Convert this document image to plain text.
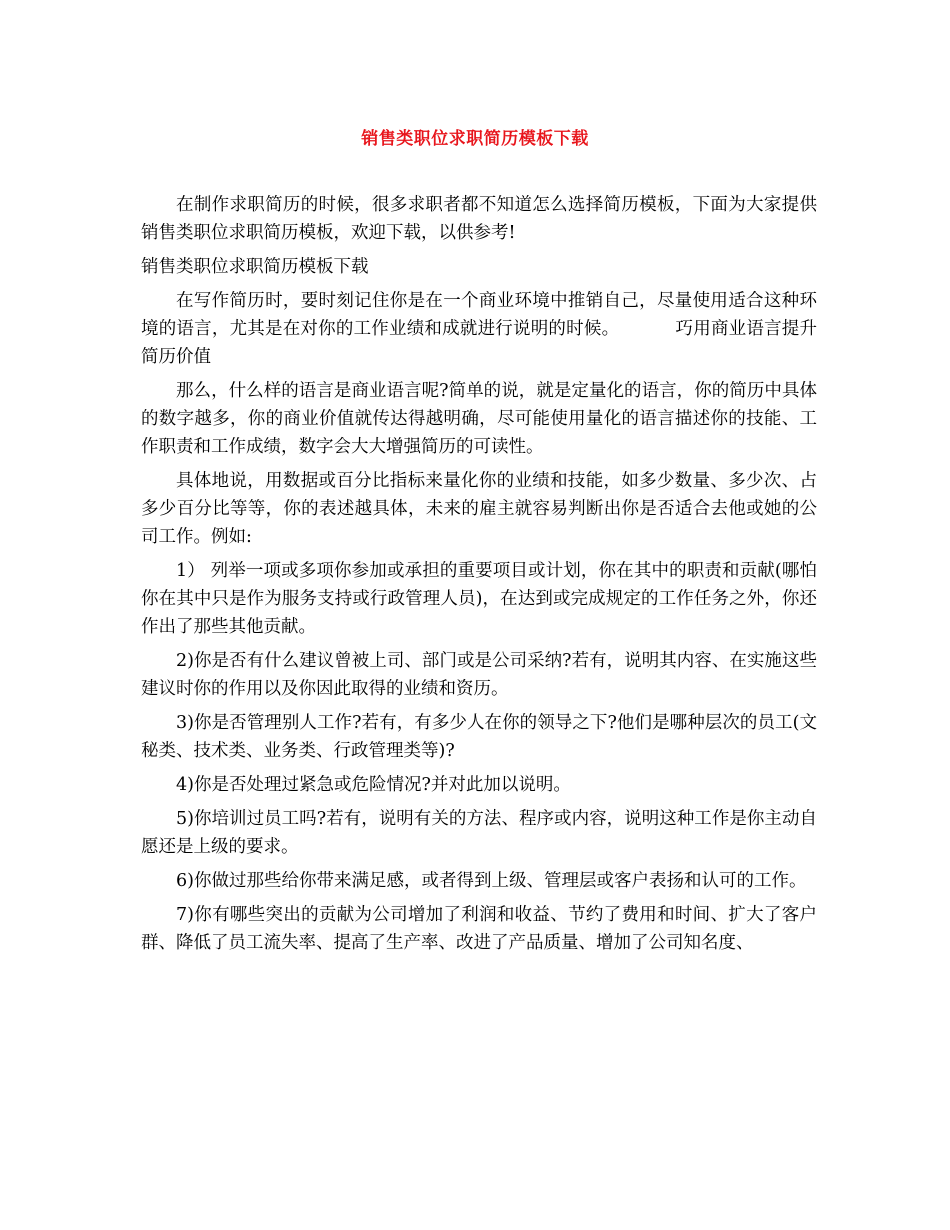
销售类职位求职简历模板下载

在制作求职简历的时候，很多求职者都不知道怎么选择简历模板，下面为大家提供销售类职位求职简历模板，欢迎下载，以供参考!

销售类职位求职简历模板下载

在写作简历时，要时刻记住你是在一个商业环境中推销自己，尽量使用适合这种环境的语言，尤其是在对你的工作业绩和成就进行说明的时候。	巧用商业语言提升简历价值

那么，什么样的语言是商业语言呢?简单的说，就是定量化的语言，你的简历中具体的数字越多，你的商业价值就传达得越明确，尽可能使用量化的语言描述你的技能、工作职责和工作成绩，数字会大大增强简历的可读性。

具体地说，用数据或百分比指标来量化你的业绩和技能，如多少数量、多少次、占多少百分比等等，你的表述越具体，未来的雇主就容易判断出你是否适合去他或她的公司工作。例如:

1） 列举一项或多项你参加或承担的重要项目或计划，你在其中的职责和贡献(哪怕你在其中只是作为服务支持或行政管理人员)，在达到或完成规定的工作任务之外，你还作出了那些其他贡献。

2)你是否有什么建议曾被上司、部门或是公司采纳?若有，说明其内容、在实施这些建议时你的作用以及你因此取得的业绩和资历。

3)你是否管理别人工作?若有，有多少人在你的领导之下?他们是哪种层次的员工(文秘类、技术类、业务类、行政管理类等)?

4)你是否处理过紧急或危险情况?并对此加以说明。

5)你培训过员工吗?若有，说明有关的方法、程序或内容，说明这种工作是你主动自愿还是上级的要求。

6)你做过那些给你带来满足感，或者得到上级、管理层或客户表扬和认可的工作。

7)你有哪些突出的贡献为公司增加了利润和收益、节约了费用和时间、扩大了客户群、降低了员工流失率、提高了生产率、改进了产品质量、增加了公司知名度、
